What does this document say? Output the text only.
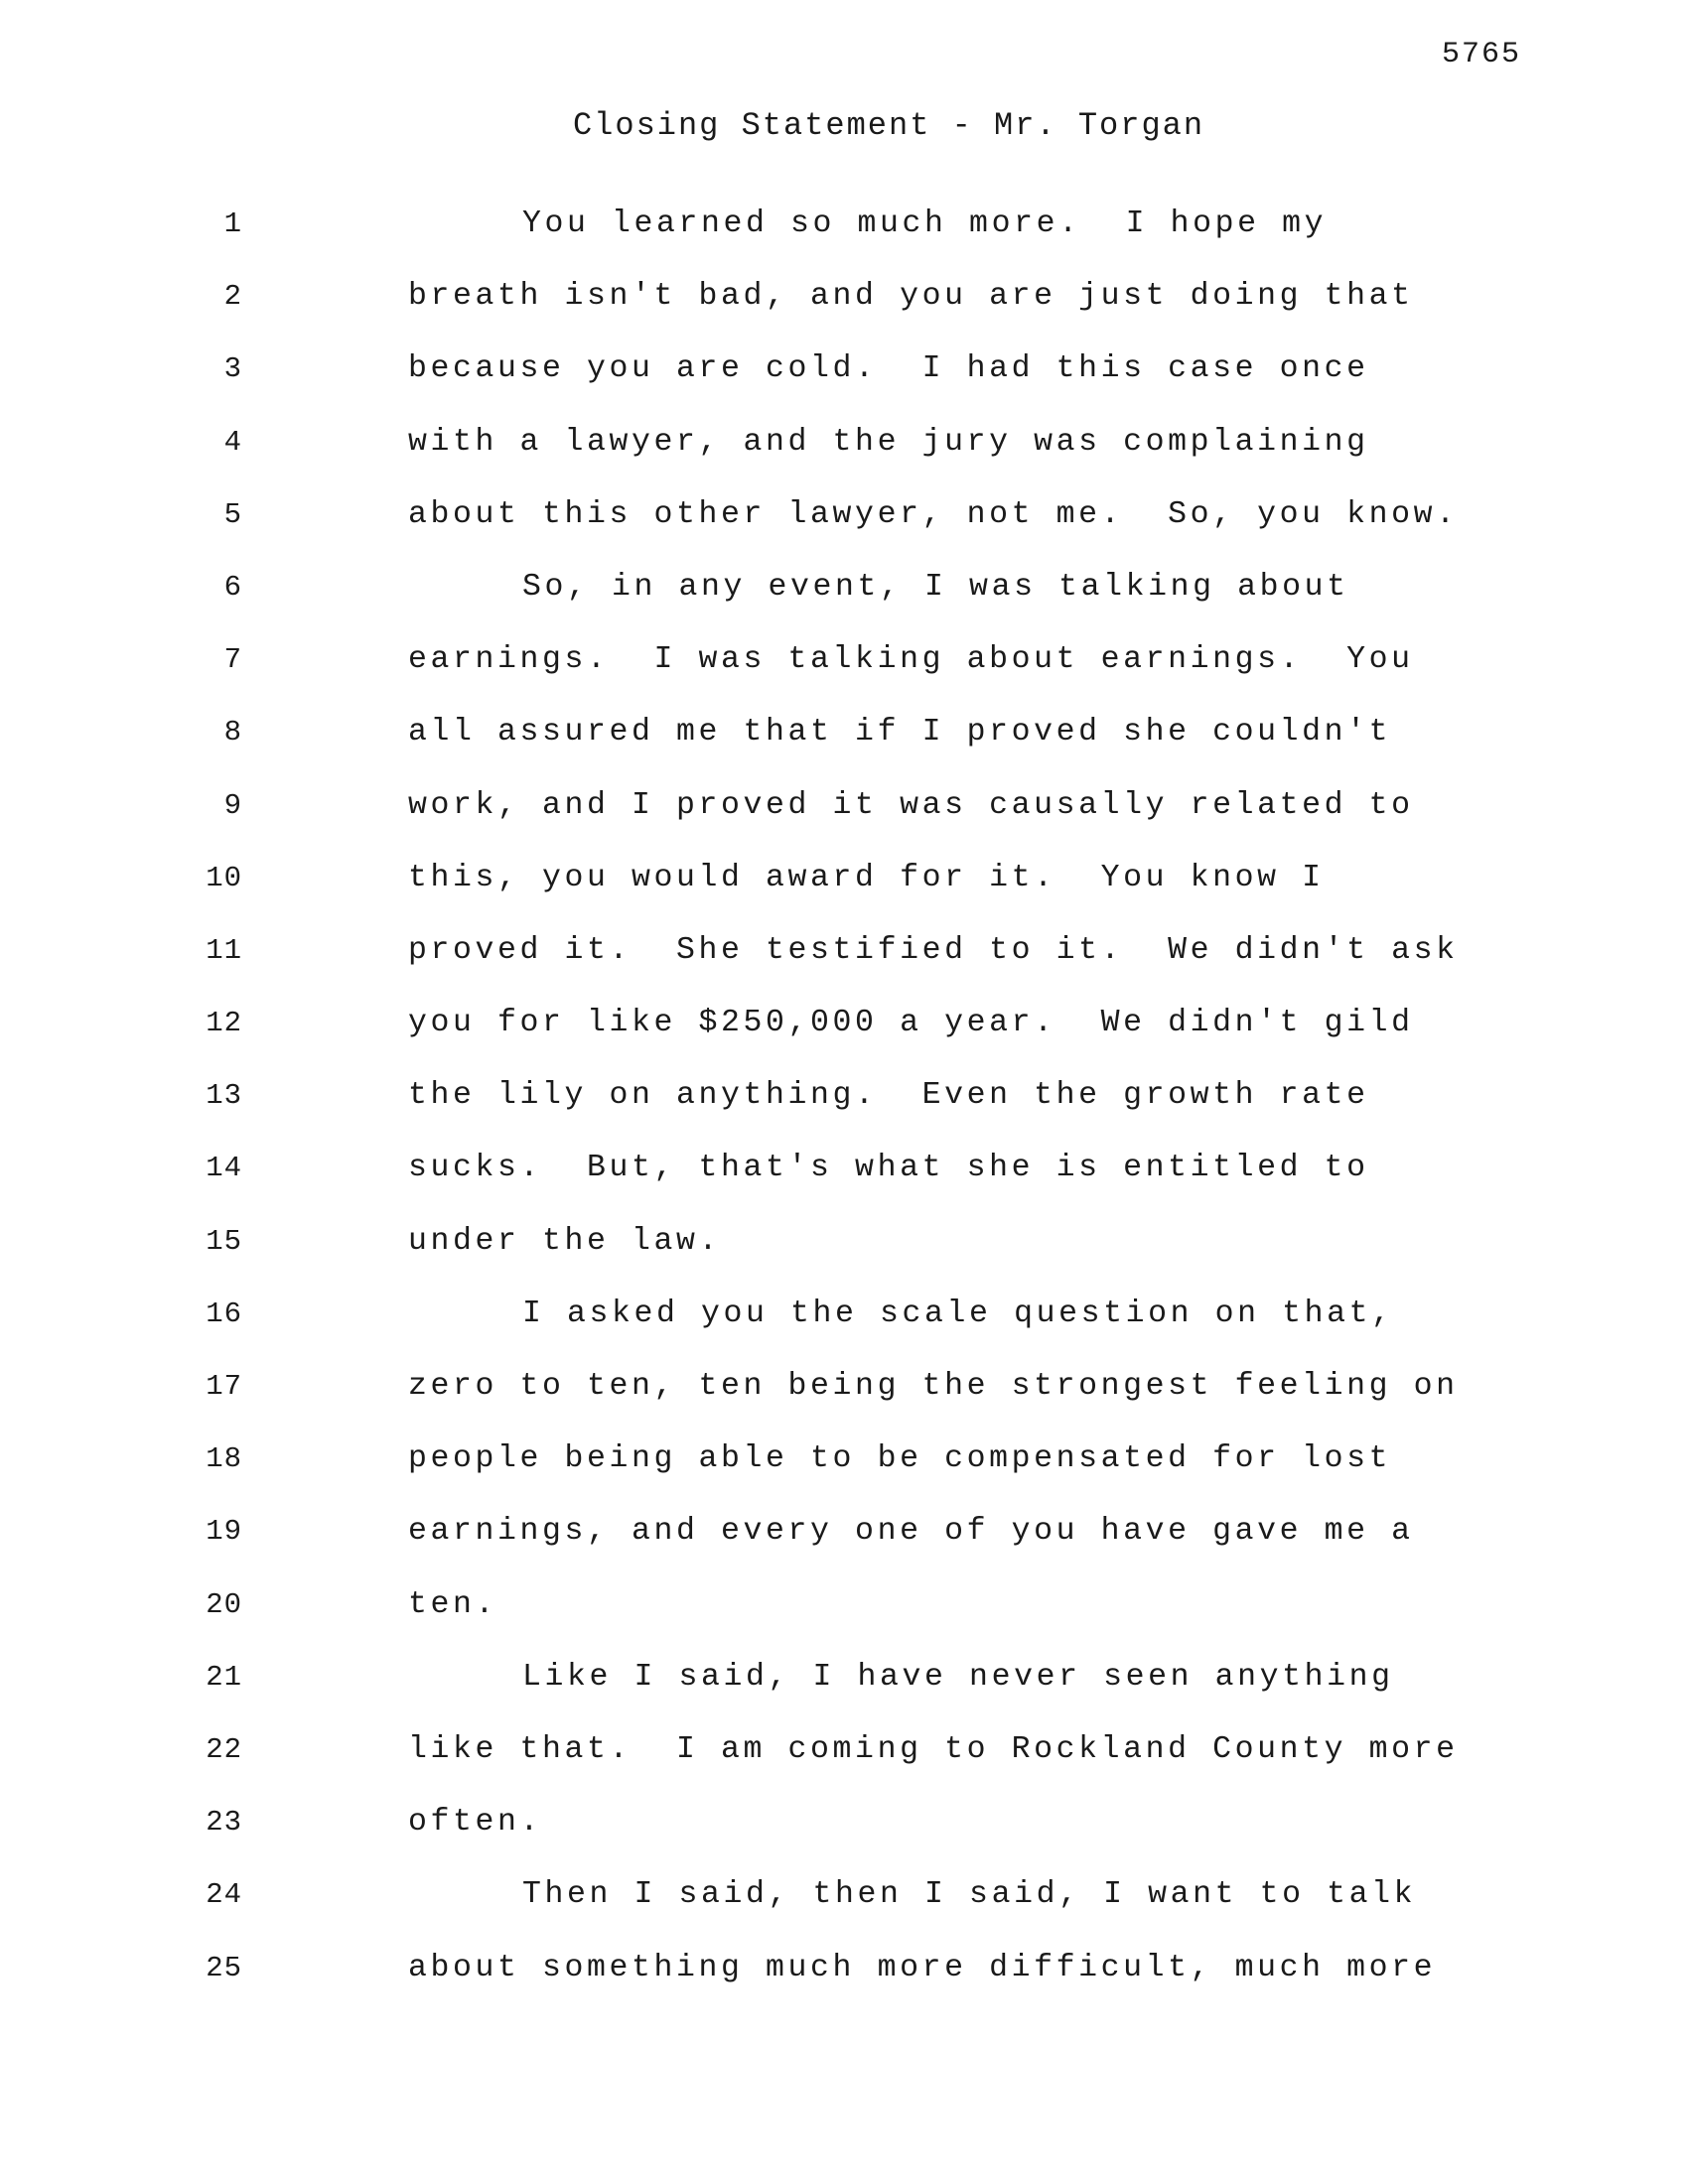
5765
Closing Statement - Mr. Torgan
1	You learned so much more.  I hope my
2	breath isn't bad, and you are just doing that
3	because you are cold.  I had this case once
4	with a lawyer, and the jury was complaining
5	about this other lawyer, not me.  So, you know.
6	So, in any event, I was talking about
7	earnings.  I was talking about earnings.  You
8	all assured me that if I proved she couldn't
9	work, and I proved it was causally related to
10	this, you would award for it.  You know I
11	proved it.  She testified to it.  We didn't ask
12	you for like $250,000 a year.  We didn't gild
13	the lily on anything.  Even the growth rate
14	sucks.  But, that's what she is entitled to
15	under the law.
16	I asked you the scale question on that,
17	zero to ten, ten being the strongest feeling on
18	people being able to be compensated for lost
19	earnings, and every one of you have gave me a
20	ten.
21	Like I said, I have never seen anything
22	like that.  I am coming to Rockland County more
23	often.
24	Then I said, then I said, I want to talk
25	about something much more difficult, much more
